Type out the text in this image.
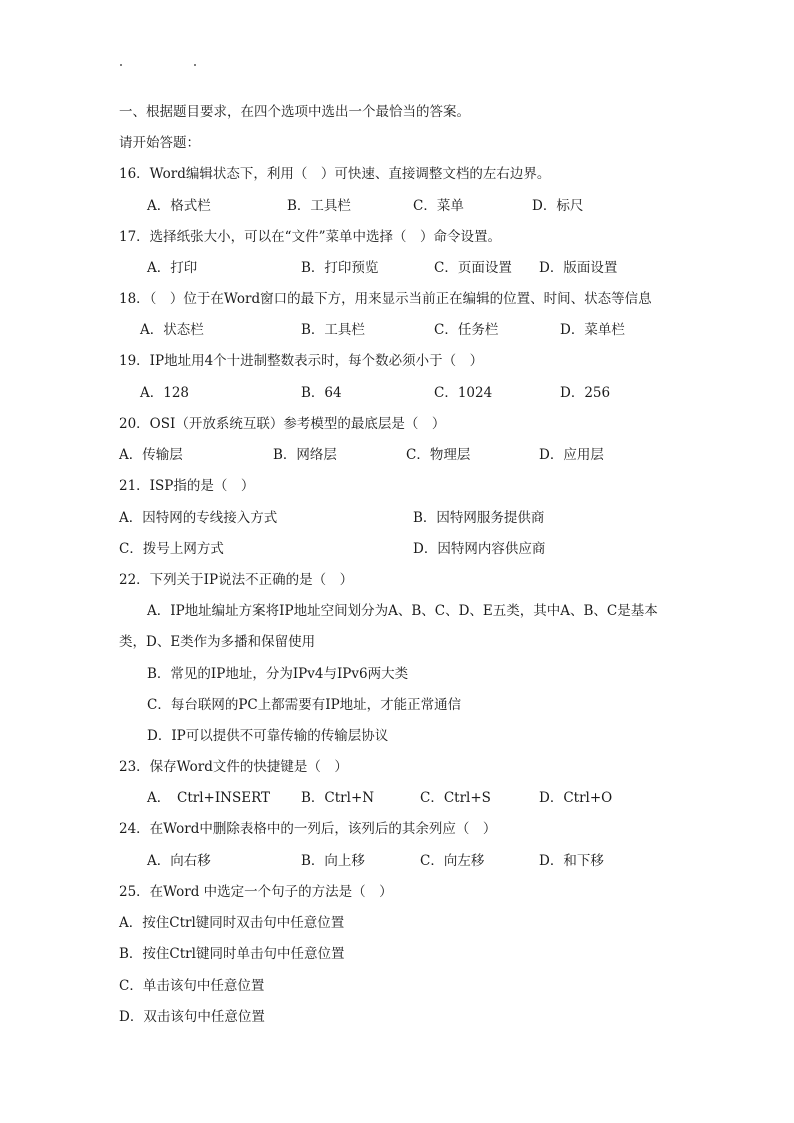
一、根据题目要求，在四个选项中选出一个最恰当的答案。
请开始答题：
16．Word编辑状态下，利用（　）可快速、直接调整文档的左右边界。
A．格式栏	B．工具栏	C．菜单	D．标尺
17．选择纸张大小，可以在“文件”菜单中选择（　）命令设置。
A．打印	B．打印预览	C．页面设置 D．版面设置
18．（　）位于在Word窗口的最下方，用来显示当前正在编辑的位置、时间、状态等信息
A．状态栏	B．工具栏	C．任务栏	D．菜单栏
19．IP地址用4个十进制整数表示时，每个数必须小于（　）
A．128	B．64	C．1024	D．256
20．OSI（开放系统互联）参考模型的最底层是（　）
A．传输层	B．网络层	C．物理层	D．应用层
21．ISP指的是（　）
A．因特网的专线接入方式	B．因特网服务提供商
C．拨号上网方式	D．因特网内容供应商
22．下列关于IP说法不正确的是（　）
A．IP地址编址方案将IP地址空间划分为A、B、C、D、E五类，其中A、B、C是基本
类，D、E类作为多播和保留使用
B．常见的IP地址，分为IPv4与IPv6两大类
C．每台联网的PC上都需要有IP地址，才能正常通信
D．IP可以提供不可靠传输的传输层协议
23．保存Word文件的快捷键是（　）
A．　Ctrl+INSERT B．Ctrl+N	C．Ctrl+S	D．Ctrl+O
24．在Word中删除表格中的一列后，该列后的其余列应（　）
A．向右移	B．向上移	C．向左移	D．和下移
25．在Word 中选定一个句子的方法是（　）
A．按住Ctrl键同时双击句中任意位置
B．按住Ctrl键同时单击句中任意位置
C．单击该句中任意位置
D．双击该句中任意位置
